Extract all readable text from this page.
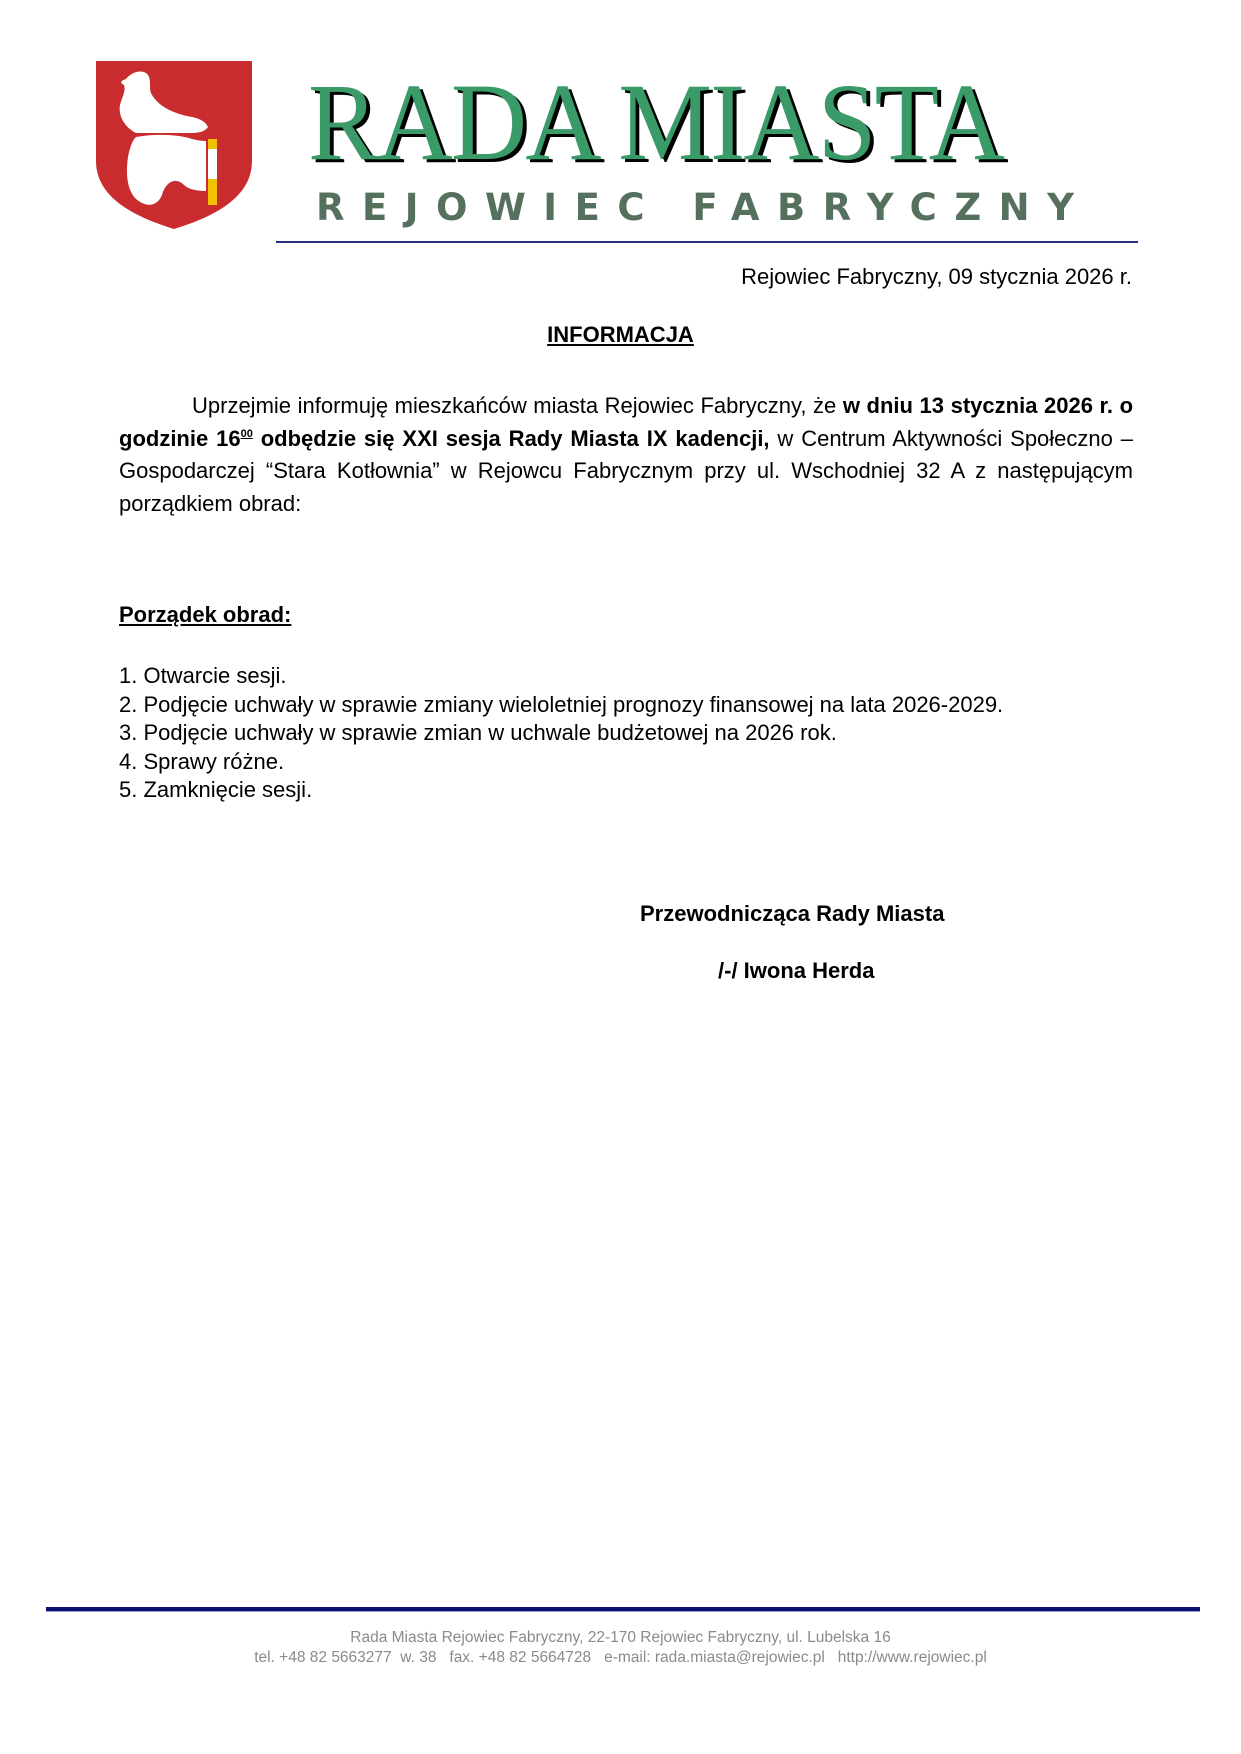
RADA MIASTA
REJOWIEC FABRYCZNY
Rejowiec Fabryczny, 09 stycznia 2026 r.
INFORMACJA
Uprzejmie informuję mieszkańców miasta Rejowiec Fabryczny, że w dniu 13 stycznia 2026 r. o godzinie $16^{00}$ odbędzie się XXI sesja Rady Miasta IX kadencji, w Centrum Aktywności Społeczno – Gospodarczej “Stara Kotłownia” w Rejowcu Fabrycznym przy ul. Wschodniej 32 A z następującym porządkiem obrad:
Porządek obrad:
1. Otwarcie sesji.
2. Podjęcie uchwały w sprawie zmiany wieloletniej prognozy finansowej na lata 2026-2029.
3. Podjęcie uchwały w sprawie zmian w uchwale budżetowej na 2026 rok.
4. Sprawy różne.
5. Zamknięcie sesji.
Przewodnicząca Rady Miasta
/-/ Iwona Herda
Rada Miasta Rejowiec Fabryczny, 22-170 Rejowiec Fabryczny, ul. Lubelska 16
tel. +48 82 5663277  w. 38   fax. +48 82 5664728   e-mail: rada.miasta@rejowiec.pl   http://www.rejowiec.pl
